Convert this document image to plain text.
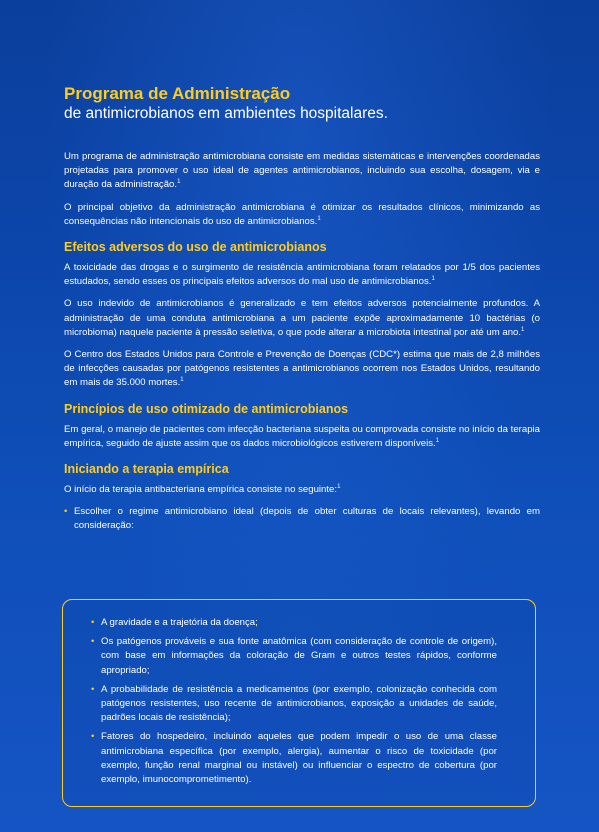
Programa de Administração
de antimicrobianos em ambientes hospitalares.

Um programa de administração antimicrobiana consiste em medidas sistemáticas e intervenções coordenadas projetadas para promover o uso ideal de agentes antimicrobianos, incluindo sua escolha, dosagem, via e duração da administração.$^1$

O principal objetivo da administração antimicrobiana é otimizar os resultados clínicos, minimizando as consequências não intencionais do uso de antimicrobianos.$^1$

Efeitos adversos do uso de antimicrobianos

A toxicidade das drogas e o surgimento de resistência antimicrobiana foram relatados por 1/5 dos pacientes estudados, sendo esses os principais efeitos adversos do mal uso de antimicrobianos.$^1$

O uso indevido de antimicrobianos é generalizado e tem efeitos adversos potencialmente profundos. A administração de uma conduta antimicrobiana a um paciente expõe aproximadamente 10 bactérias (o microbioma) naquele paciente à pressão seletiva, o que pode alterar a microbiota intestinal por até um ano.$^1$

O Centro dos Estados Unidos para Controle e Prevenção de Doenças (CDC*) estima que mais de 2,8 milhões de infecções causadas por patógenos resistentes a antimicrobianos ocorrem nos Estados Unidos, resultando em mais de 35.000 mortes.$^1$

Princípios de uso otimizado de antimicrobianos

Em geral, o manejo de pacientes com infecção bacteriana suspeita ou comprovada consiste no início da terapia empírica, seguido de ajuste assim que os dados microbiológicos estiverem disponíveis.$^1$

Iniciando a terapia empírica

O início da terapia antibacteriana empírica consiste no seguinte:$^1$

• Escolher o regime antimicrobiano ideal (depois de obter culturas de locais relevantes), levando em consideração:
• A gravidade e a trajetória da doença;
• Os patógenos prováveis e sua fonte anatômica (com consideração de controle de origem), com base em informações da coloração de Gram e outros testes rápidos, conforme apropriado;
• A probabilidade de resistência a medicamentos (por exemplo, colonização conhecida com patógenos resistentes, uso recente de antimicrobianos, exposição a unidades de saúde, padrões locais de resistência);
• Fatores do hospedeiro, incluindo aqueles que podem impedir o uso de uma classe antimicrobiana específica (por exemplo, alergia), aumentar o risco de toxicidade (por exemplo, função renal marginal ou instável) ou influenciar o espectro de cobertura (por exemplo, imunocomprometimento).
